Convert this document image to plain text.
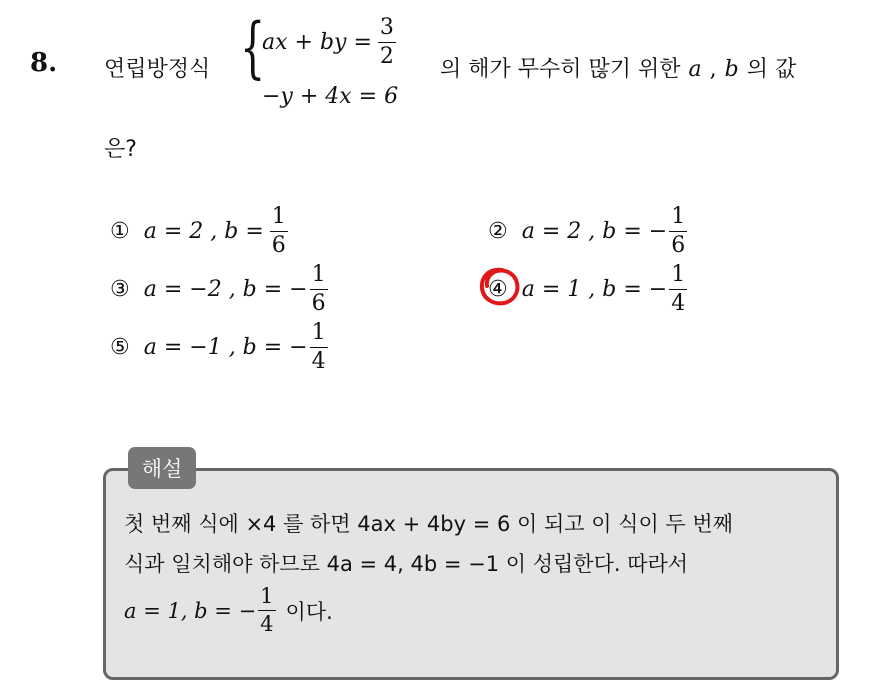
8. 연립방정식 {
ax + by = $\frac{3}{2}$
−y + 4x = 6
의 해가 무수히 많기 위한 a , b 의 값
은?
① a = 2 , $b = \frac{1}{6}$	② a = 2 , b = − $\frac{1}{6}$
③ a = −2 , b = − $\frac{1}{6}$	④ a = 1 , b = − $\frac{1}{4}$
⑤ a = −1 , b = − $\frac{1}{4}$
해설
첫 번째 식에 ×4 를 하면 4ax + 4by = 6 이 되고 이 식이 두 번째
식과 일치해야 하므로 4a = 4, 4b = −1 이 성립한다. 따라서
a = 1, b = − $\frac{1}{4}$ 이다.
